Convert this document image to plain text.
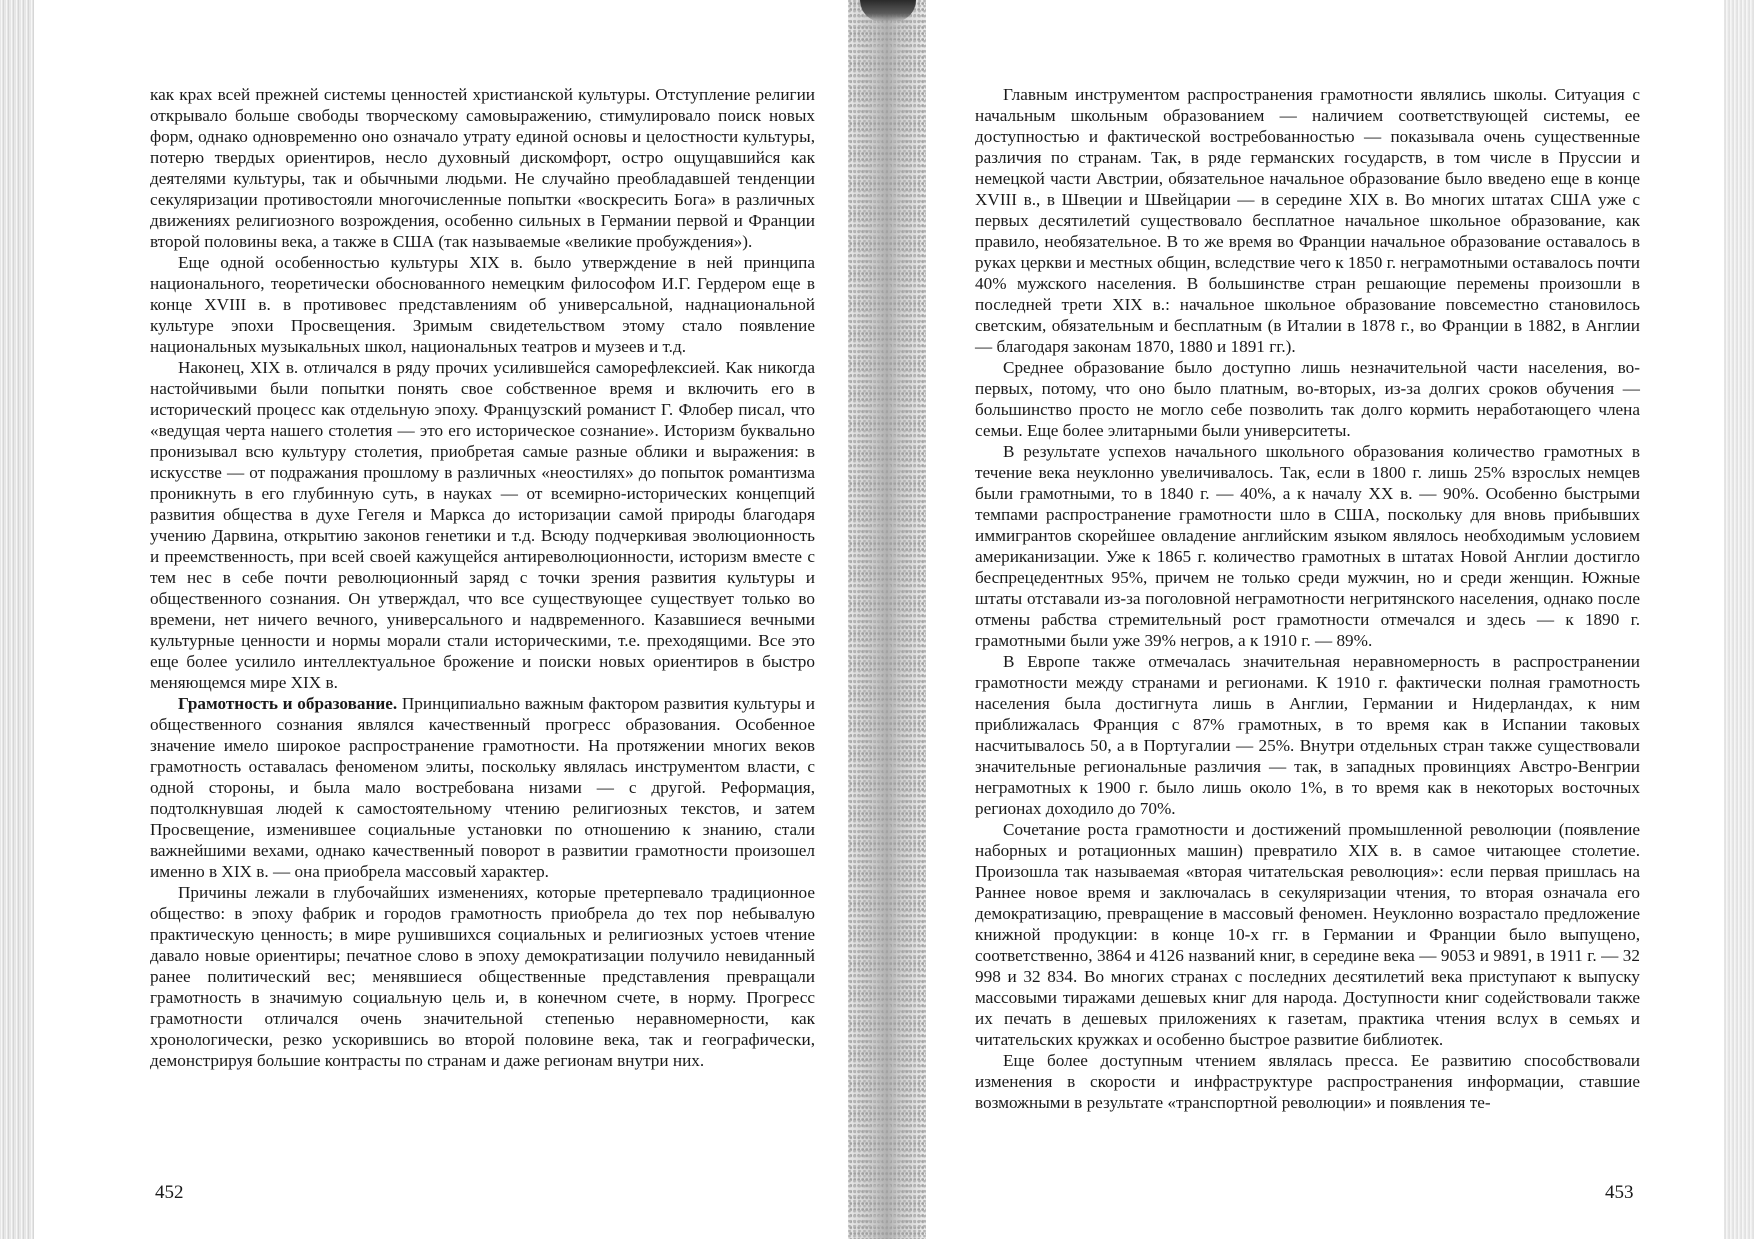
как крах всей прежней системы ценностей христианской культуры. Отступление религии открывало больше свободы творческому самовыражению, стимулировало поиск новых форм, однако одновременно оно означало утрату единой основы и целостности культуры, потерю твердых ориентиров, несло духовный дискомфорт, остро ощущавшийся как деятелями культуры, так и обычными людьми. Не случайно преобладавшей тенденции секуляризации противостояли многочисленные попытки «воскресить Бога» в различных движениях религиозного возрождения, особенно сильных в Германии первой и Франции второй половины века, а также в США (так называемые «великие пробуждения»).

Еще одной особенностью культуры XIX в. было утверждение в ней принципа национального, теоретически обоснованного немецким философом И.Г. Гердером еще в конце XVIII в. в противовес представлениям об универсальной, наднациональной культуре эпохи Просвещения. Зримым свидетельством этому стало появление национальных музыкальных школ, национальных театров и музеев и т.д.

Наконец, XIX в. отличался в ряду прочих усилившейся саморефлексией. Как никогда настойчивыми были попытки понять свое собственное время и включить его в исторический процесс как отдельную эпоху. Французский романист Г. Флобер писал, что «ведущая черта нашего столетия — это его историческое сознание». Историзм буквально пронизывал всю культуру столетия, приобретая самые разные облики и выражения: в искусстве — от подражания прошлому в различных «неостилях» до попыток романтизма проникнуть в его глубинную суть, в науках — от всемирно-исторических концепций развития общества в духе Гегеля и Маркса до историзации самой природы благодаря учению Дарвина, открытию законов генетики и т.д. Всюду подчеркивая эволюционность и преемственность, при всей своей кажущейся антиреволюционности, историзм вместе с тем нес в себе почти революционный заряд с точки зрения развития культуры и общественного сознания. Он утверждал, что все существующее существует только во времени, нет ничего вечного, универсального и надвременного. Казавшиеся вечными культурные ценности и нормы морали стали историческими, т.е. преходящими. Все это еще более усилило интеллектуальное брожение и поиски новых ориентиров в быстро меняющемся мире XIX в.

Грамотность и образование. Принципиально важным фактором развития культуры и общественного сознания являлся качественный прогресс образования. Особенное значение имело широкое распространение грамотности. На протяжении многих веков грамотность оставалась феноменом элиты, поскольку являлась инструментом власти, с одной стороны, и была мало востребована низами — с другой. Реформация, подтолкнувшая людей к самостоятельному чтению религиозных текстов, и затем Просвещение, изменившее социальные установки по отношению к знанию, стали важнейшими вехами, однако качественный поворот в развитии грамотности произошел именно в XIX в. — она приобрела массовый характер.

Причины лежали в глубочайших изменениях, которые претерпевало традиционное общество: в эпоху фабрик и городов грамотность приобрела до тех пор небывалую практическую ценность; в мире рушившихся социальных и религиозных устоев чтение давало новые ориентиры; печатное слово в эпоху демократизации получило невиданный ранее политический вес; менявшиеся общественные представления превращали грамотность в значимую социальную цель и, в конечном счете, в норму. Прогресс грамотности отличался очень значительной степенью неравномерности, как хронологически, резко ускорившись во второй половине века, так и географически, демонстрируя большие контрасты по странам и даже регионам внутри них.

452

Главным инструментом распространения грамотности являлись школы. Ситуация с начальным школьным образованием — наличием соответствующей системы, ее доступностью и фактической востребованностью — показывала очень существенные различия по странам. Так, в ряде германских государств, в том числе в Пруссии и немецкой части Австрии, обязательное начальное образование было введено еще в конце XVIII в., в Швеции и Швейцарии — в середине XIX в. Во многих штатах США уже с первых десятилетий существовало бесплатное начальное школьное образование, как правило, необязательное. В то же время во Франции начальное образование оставалось в руках церкви и местных общин, вследствие чего к 1850 г. неграмотными оставалось почти 40% мужского населения. В большинстве стран решающие перемены произошли в последней трети XIX в.: начальное школьное образование повсеместно становилось светским, обязательным и бесплатным (в Италии в 1878 г., во Франции в 1882, в Англии — благодаря законам 1870, 1880 и 1891 гг.).

Среднее образование было доступно лишь незначительной части населения, во-первых, потому, что оно было платным, во-вторых, из-за долгих сроков обучения — большинство просто не могло себе позволить так долго кормить неработающего члена семьи. Еще более элитарными были университеты.

В результате успехов начального школьного образования количество грамотных в течение века неуклонно увеличивалось. Так, если в 1800 г. лишь 25% взрослых немцев были грамотными, то в 1840 г. — 40%, а к началу XX в. — 90%. Особенно быстрыми темпами распространение грамотности шло в США, поскольку для вновь прибывших иммигрантов скорейшее овладение английским языком являлось необходимым условием американизации. Уже к 1865 г. количество грамотных в штатах Новой Англии достигло беспрецедентных 95%, причем не только среди мужчин, но и среди женщин. Южные штаты отставали из-за поголовной неграмотности негритянского населения, однако после отмены рабства стремительный рост грамотности отмечался и здесь — к 1890 г. грамотными были уже 39% негров, а к 1910 г. — 89%.

В Европе также отмечалась значительная неравномерность в распространении грамотности между странами и регионами. К 1910 г. фактически полная грамотность населения была достигнута лишь в Англии, Германии и Нидерландах, к ним приближалась Франция с 87% грамотных, в то время как в Испании таковых насчитывалось 50, а в Португалии — 25%. Внутри отдельных стран также существовали значительные региональные различия — так, в западных провинциях Австро-Венгрии неграмотных к 1900 г. было лишь около 1%, в то время как в некоторых восточных регионах доходило до 70%.

Сочетание роста грамотности и достижений промышленной революции (появление наборных и ротационных машин) превратило XIX в. в самое читающее столетие. Произошла так называемая «вторая читательская революция»: если первая пришлась на Раннее новое время и заключалась в секуляризации чтения, то вторая означала его демократизацию, превращение в массовый феномен. Неуклонно возрастало предложение книжной продукции: в конце 10-х гг. в Германии и Франции было выпущено, соответственно, 3864 и 4126 названий книг, в середине века — 9053 и 9891, в 1911 г. — 32 998 и 32 834. Во многих странах с последних десятилетий века приступают к выпуску массовыми тиражами дешевых книг для народа. Доступности книг содействовали также их печать в дешевых приложениях к газетам, практика чтения вслух в семьях и читательских кружках и особенно быстрое развитие библиотек.

Еще более доступным чтением являлась пресса. Ее развитию способствовали изменения в скорости и инфраструктуре распространения информации, ставшие возможными в результате «транспортной революции» и появления те-

453
